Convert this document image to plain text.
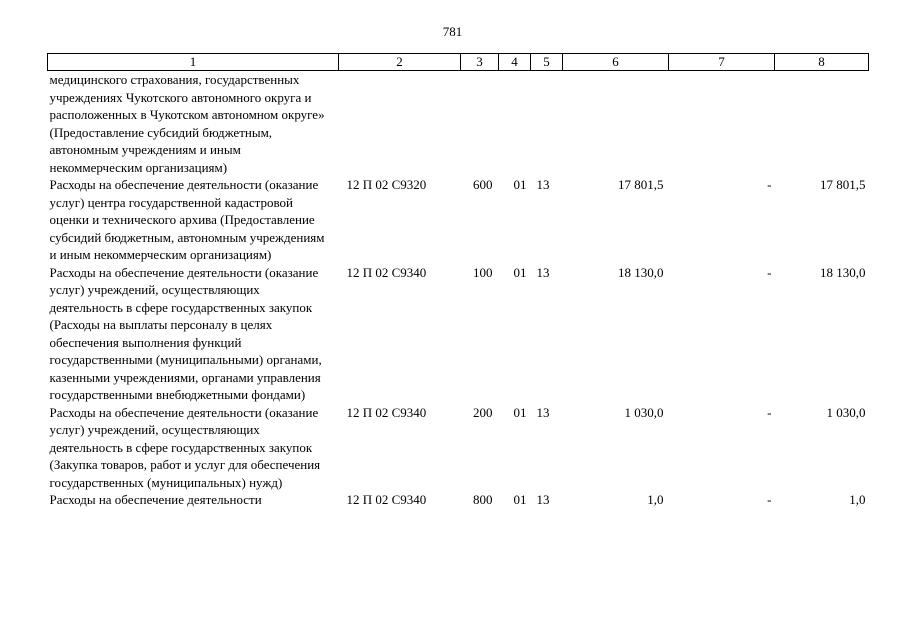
781
1	2	3	4	5	6	7	8
медицинского страхования, государственных учреждениях Чукотского автономного округа и расположенных в Чукотском автономном округе» (Предоставление субсидий бюджетным, автономным учреждениям и иным некоммерческим организациям)							
Расходы на обеспечение деятельности (оказание услуг) центра государственной кадастровой оценки и технического архива (Предоставление субсидий бюджетным, автономным учреждениям и иным некоммерческим организациям)	12 П 02 С9320	600	01	13	17 801,5	-	17 801,5
Расходы на обеспечение деятельности (оказание услуг) учреждений, осуществляющих деятельность в сфере государственных закупок (Расходы на выплаты персоналу в целях обеспечения выполнения функций государственными (муниципальными) органами, казенными учреждениями, органами управления государственными внебюджетными фондами)	12 П 02 С9340	100	01	13	18 130,0	-	18 130,0
Расходы на обеспечение деятельности (оказание услуг) учреждений, осуществляющих деятельность в сфере государственных закупок (Закупка товаров, работ и услуг для обеспечения государственных (муниципальных) нужд)	12 П 02 С9340	200	01	13	1 030,0	-	1 030,0
Расходы на обеспечение деятельности	12 П 02 С9340	800	01	13	1,0	-	1,0
